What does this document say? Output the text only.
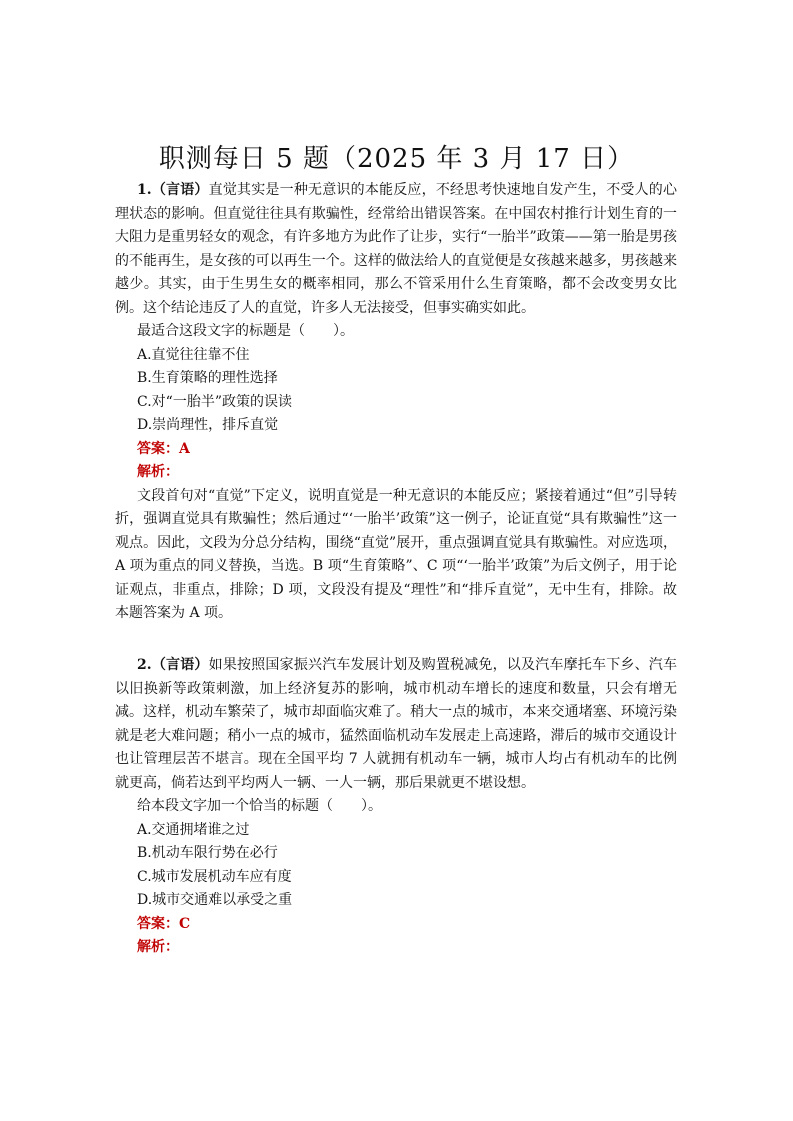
职测每日 5 题（2025 年 3 月 17 日）

1.（言语）直觉其实是一种无意识的本能反应，不经思考快速地自发产生，不受人的心理状态的影响。但直觉往往具有欺骗性，经常给出错误答案。在中国农村推行计划生育的一大阻力是重男轻女的观念，有许多地方为此作了让步，实行“一胎半”政策——第一胎是男孩的不能再生，是女孩的可以再生一个。这样的做法给人的直觉便是女孩越来越多，男孩越来越少。其实，由于生男生女的概率相同，那么不管采用什么生育策略，都不会改变男女比例。这个结论违反了人的直觉，许多人无法接受，但事实确实如此。

最适合这段文字的标题是（　　）。

A.直觉往往靠不住

B.生育策略的理性选择

C.对“一胎半”政策的误读

D.崇尚理性，排斥直觉

答案：A

解析：

文段首句对“直觉”下定义，说明直觉是一种无意识的本能反应；紧接着通过“但”引导转折，强调直觉具有欺骗性；然后通过“‘一胎半’政策”这一例子，论证直觉“具有欺骗性”这一观点。因此，文段为分总分结构，围绕“直觉”展开，重点强调直觉具有欺骗性。对应选项，A 项为重点的同义替换，当选。B 项“生育策略”、C 项“‘一胎半’政策”为后文例子，用于论证观点，非重点，排除；D 项，文段没有提及“理性”和“排斥直觉”，无中生有，排除。故本题答案为 A 项。

2.（言语）如果按照国家振兴汽车发展计划及购置税减免，以及汽车摩托车下乡、汽车以旧换新等政策刺激，加上经济复苏的影响，城市机动车增长的速度和数量，只会有增无减。这样，机动车繁荣了，城市却面临灾难了。稍大一点的城市，本来交通堵塞、环境污染就是老大难问题；稍小一点的城市，猛然面临机动车发展走上高速路，滞后的城市交通设计也让管理层苦不堪言。现在全国平均 7 人就拥有机动车一辆，城市人均占有机动车的比例就更高，倘若达到平均两人一辆、一人一辆，那后果就更不堪设想。

给本段文字加一个恰当的标题（　　）。

A.交通拥堵谁之过

B.机动车限行势在必行

C.城市发展机动车应有度

D.城市交通难以承受之重

答案：C

解析：
